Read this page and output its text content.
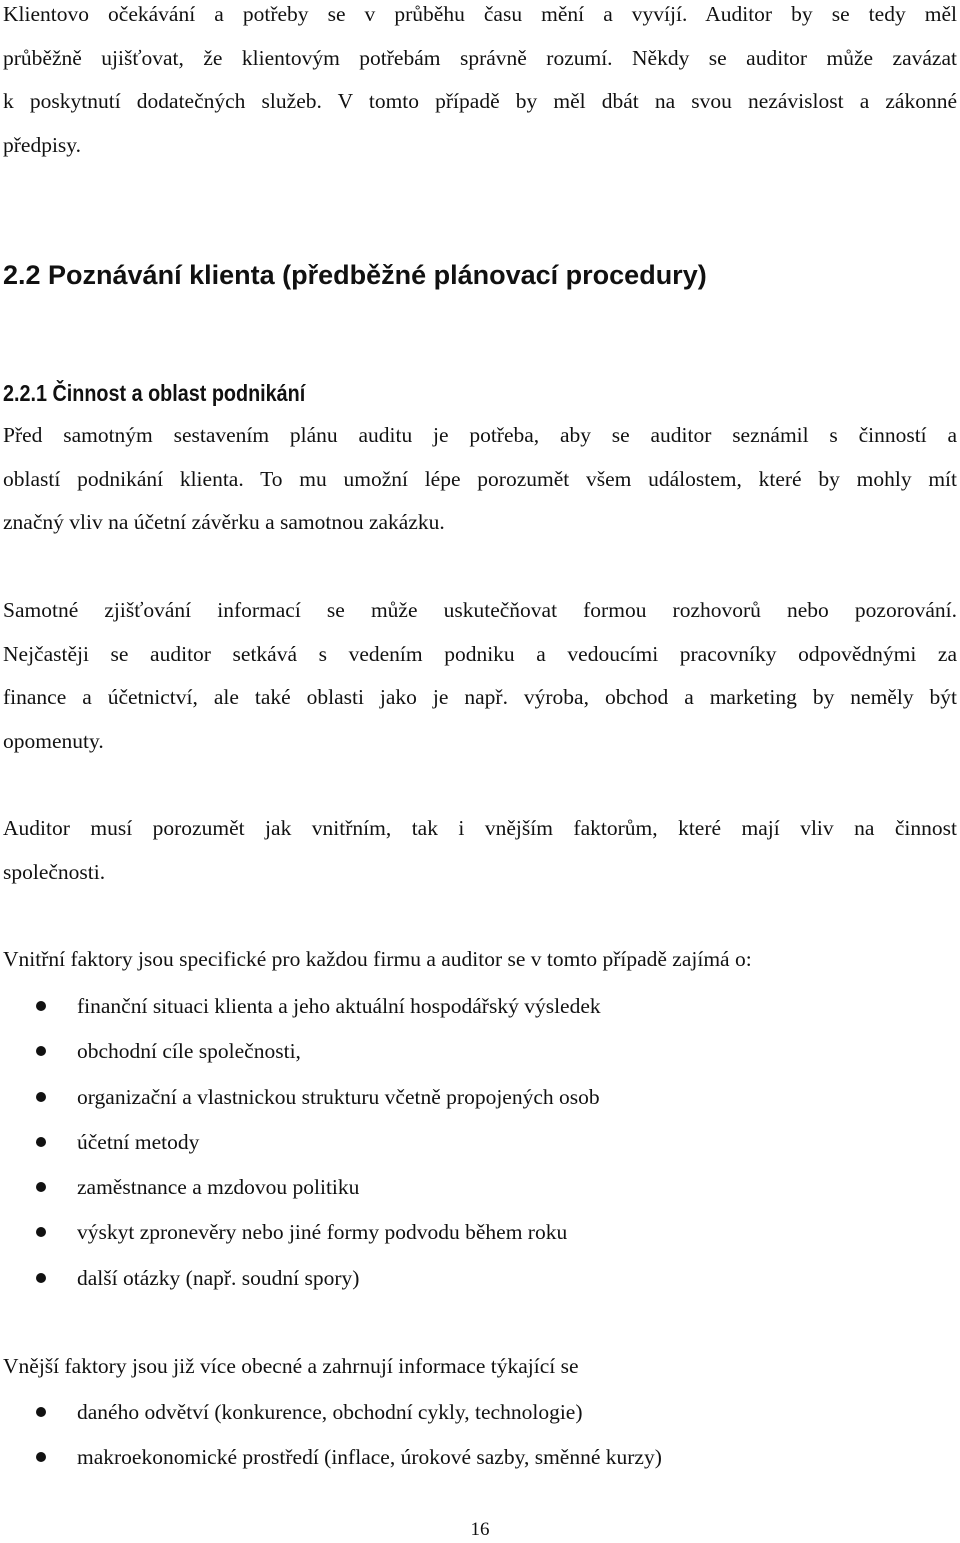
Klientovo očekávání a potřeby se v průběhu času mění a vyvíjí. Auditor by se tedy měl
průběžně ujišťovat, že klientovým potřebám správně rozumí. Někdy se auditor může zavázat
k poskytnutí dodatečných služeb. V tomto případě by měl dbát na svou nezávislost a zákonné
předpisy.
2.2 Poznávání klienta (předběžné plánovací procedury)
2.2.1 Činnost a oblast podnikání
Před samotným sestavením plánu auditu je potřeba, aby se auditor seznámil s činností a
oblastí podnikání klienta. To mu umožní lépe porozumět všem událostem, které by mohly mít
značný vliv na účetní závěrku a samotnou zakázku.
Samotné zjišťování informací se může uskutečňovat formou rozhovorů nebo pozorování.
Nejčastěji se auditor setkává s vedením podniku a vedoucími pracovníky odpovědnými za
finance a účetnictví, ale také oblasti jako je např. výroba, obchod a marketing by neměly být
opomenuty.
Auditor musí porozumět jak vnitřním, tak i vnějším faktorům, které mají vliv na činnost
společnosti.
Vnitřní faktory jsou specifické pro každou firmu a auditor se v tomto případě zajímá o:
finanční situaci klienta a jeho aktuální hospodářský výsledek
obchodní cíle společnosti,
organizační a vlastnickou strukturu včetně propojených osob
účetní metody
zaměstnance a mzdovou politiku
výskyt zpronevěry nebo jiné formy podvodu během roku
další otázky (např. soudní spory)
Vnější faktory jsou již více obecné a zahrnují informace týkající se
daného odvětví (konkurence, obchodní cykly, technologie)
makroekonomické prostředí (inflace, úrokové sazby, směnné kurzy)
16
